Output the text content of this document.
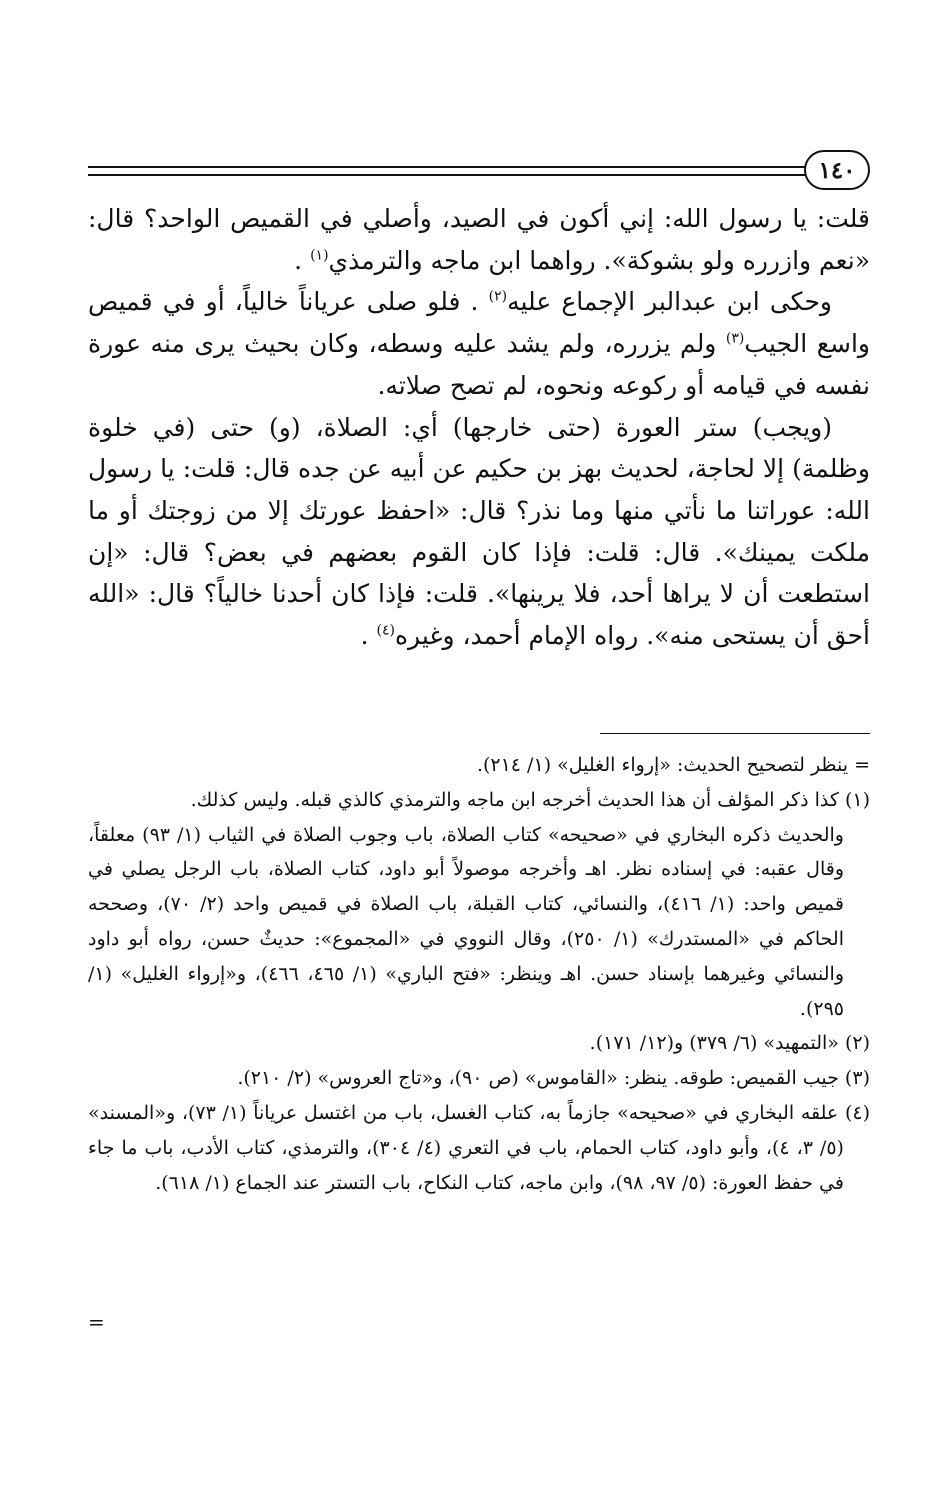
١٤٠

قلت: يا رسول الله: إني أكون في الصيد، وأصلي في القميص الواحد؟ قال: «نعم وازرره ولو بشوكة». رواهما ابن ماجه والترمذي$^{(١)}$ .

وحكى ابن عبدالبر الإجماع عليه$^{(٢)}$ . فلو صلى عرياناً خالياً، أو في قميص واسع الجيب$^{(٣)}$ ولم يزرره، ولم يشد عليه وسطه، وكان بحيث يرى منه عورة نفسه في قيامه أو ركوعه ونحوه، لم تصح صلاته.

(ويجب) ستر العورة (حتى خارجها) أي: الصلاة، (و) حتى (في خلوة وظلمة) إلا لحاجة، لحديث بهز بن حكيم عن أبيه عن جده قال: قلت: يا رسول الله: عوراتنا ما نأتي منها وما نذر؟ قال: «احفظ عورتك إلا من زوجتك أو ما ملكت يمينك». قال: قلت: فإذا كان القوم بعضهم في بعض؟ قال: «إن استطعت أن لا يراها أحد، فلا يرينها». قلت: فإذا كان أحدنا خالياً؟ قال: «الله أحق أن يستحى منه». رواه الإمام أحمد، وغيره$^{(٤)}$ .

= ينظر لتصحيح الحديث: «إرواء الغليل» (١/ ٢١٤).

(١) كذا ذكر المؤلف أن هذا الحديث أخرجه ابن ماجه والترمذي كالذي قبله. وليس كذلك.

والحديث ذكره البخاري في «صحيحه» كتاب الصلاة، باب وجوب الصلاة في الثياب (١/ ٩٣) معلقاً، وقال عقبه: في إسناده نظر. اهـ وأخرجه موصولاً أبو داود، كتاب الصلاة، باب الرجل يصلي في قميص واحد: (١/ ٤١٦)، والنسائي، كتاب القبلة، باب الصلاة في قميص واحد (٢/ ٧٠)، وصححه الحاكم في «المستدرك» (١/ ٢٥٠)، وقال النووي في «المجموع»: حديثٌ حسن، رواه أبو داود والنسائي وغيرهما بإسناد حسن. اهـ وينظر: «فتح الباري» (١/ ٤٦٥، ٤٦٦)، و«إرواء الغليل» (١/ ٢٩٥).

(٢) «التمهيد» (٦/ ٣٧٩) و(١٢/ ١٧١).

(٣) جيب القميص: طوقه. ينظر: «القاموس» (ص ٩٠)، و«تاج العروس» (٢/ ٢١٠).

(٤) علقه البخاري في «صحيحه» جازماً به، كتاب الغسل، باب من اغتسل عرياناً (١/ ٧٣)، و«المسند» (٥/ ٣، ٤)، وأبو داود، كتاب الحمام، باب في التعري (٤/ ٣٠٤)، والترمذي، كتاب الأدب، باب ما جاء في حفظ العورة: (٥/ ٩٧، ٩٨)، وابن ماجه، كتاب النكاح، باب التستر عند الجماع (١/ ٦١٨).

=
